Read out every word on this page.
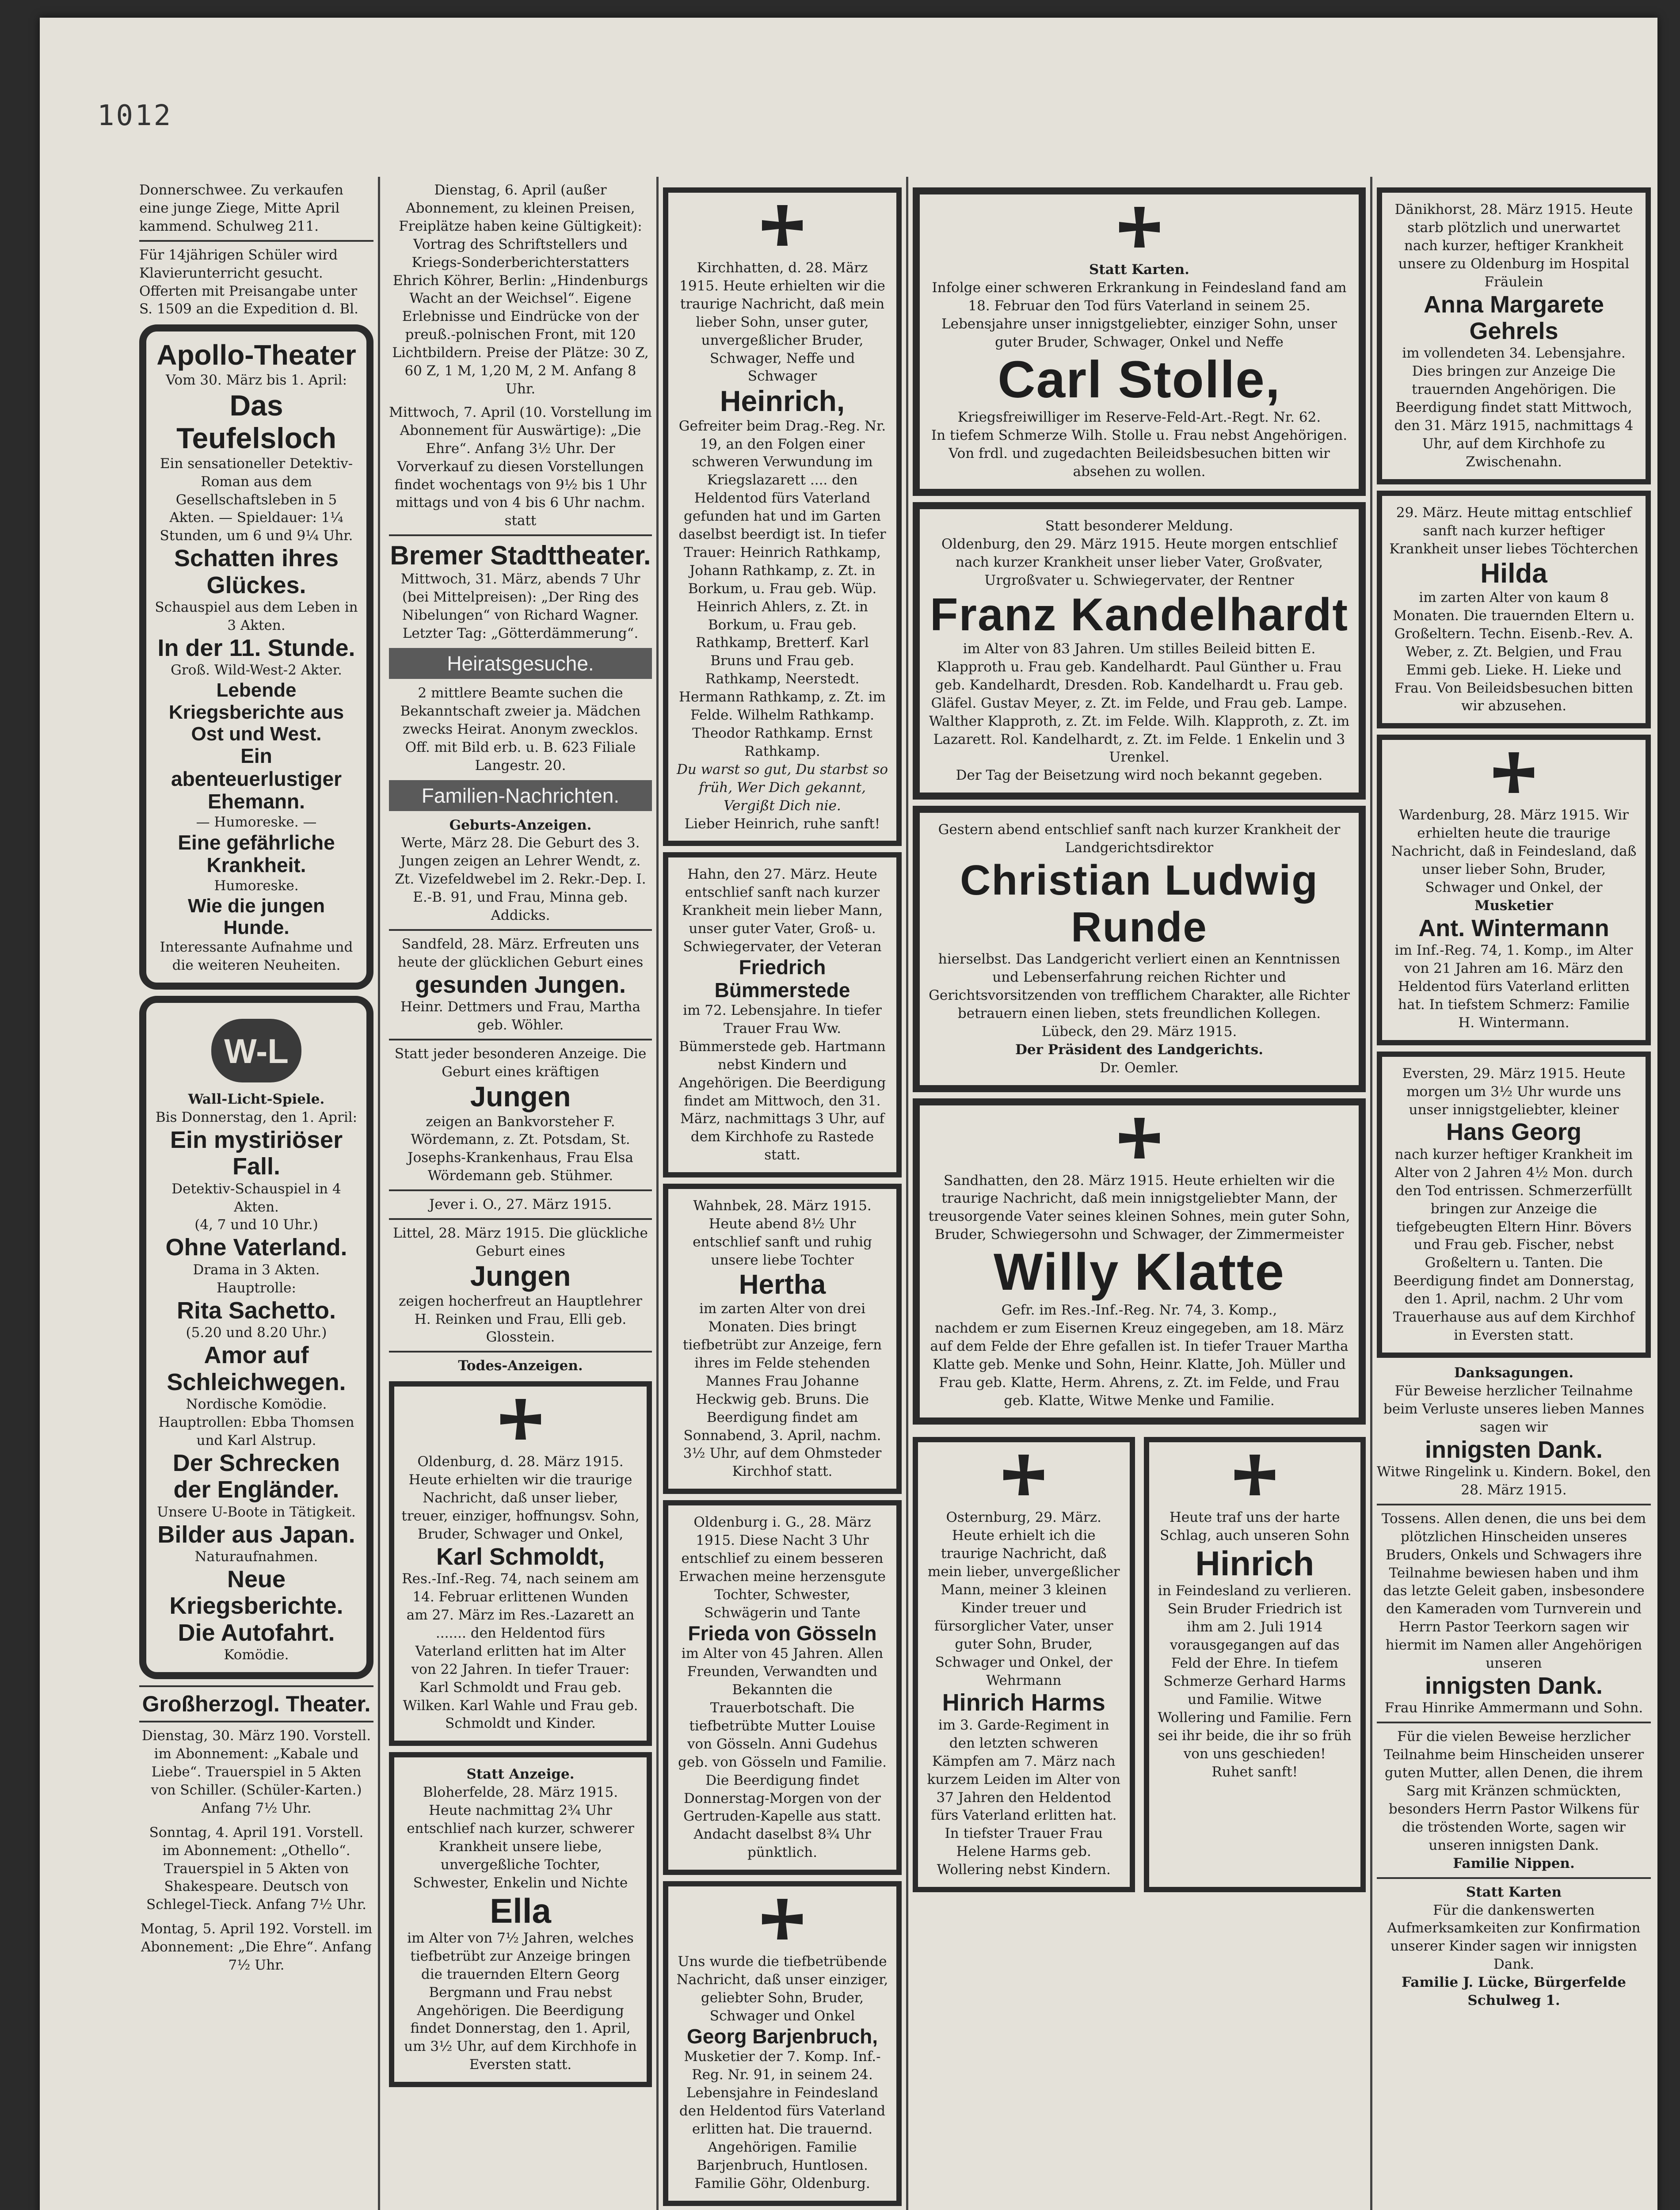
1012

Donnerschwee. Zu verkaufen eine junge Ziege, Mitte April kammend. Schulweg 211.

Für 14jährigen Schüler wird Klavierunterricht gesucht. Offerten mit Preisangabe unter S. 1509 an die Expedition d. Bl.

Apollo-Theater

Vom 30. März bis 1. April:

Das Teufelsloch

Ein sensationeller Detektiv-Roman aus dem Gesellschaftsleben in 5 Akten. — Spieldauer: 1¼ Stunden, um 6 und 9¼ Uhr.

Schatten ihres Glückes.

Schauspiel aus dem Leben in 3 Akten.

In der 11. Stunde.

Groß. Wild-West-2 Akter.

Lebende Kriegsberichte aus Ost und West.

Ein abenteuerlustiger Ehemann.

— Humoreske. —

Eine gefährliche Krankheit.

Humoreske.

Wie die jungen Hunde.

Interessante Aufnahme und die weiteren Neuheiten.

W-L

Wall-Licht-Spiele.

Bis Donnerstag, den 1. April:

Ein mystiriöser Fall.

Detektiv-Schauspiel in 4 Akten.

(4, 7 und 10 Uhr.)

Ohne Vaterland.

Drama in 3 Akten. Hauptrolle:

Rita Sachetto.

(5.20 und 8.20 Uhr.)

Amor auf Schleichwegen.

Nordische Komödie. Hauptrollen: Ebba Thomsen und Karl Alstrup.

Der Schrecken der Engländer.

Unsere U-Boote in Tätigkeit.

Bilder aus Japan.

Naturaufnahmen.

Neue Kriegsberichte.

Die Autofahrt.

Komödie.

Großherzogl. Theater.

Dienstag, 30. März 190. Vorstell. im Abonnement: „Kabale und Liebe“. Trauerspiel in 5 Akten von Schiller. (Schüler-Karten.) Anfang 7½ Uhr.

Sonntag, 4. April 191. Vorstell. im Abonnement: „Othello“. Trauerspiel in 5 Akten von Shakespeare. Deutsch von Schlegel-Tieck. Anfang 7½ Uhr.

Montag, 5. April 192. Vorstell. im Abonnement: „Die Ehre“. Anfang 7½ Uhr.

Dienstag, 6. April (außer Abonnement, zu kleinen Preisen, Freiplätze haben keine Gültigkeit): Vortrag des Schriftstellers und Kriegs-Sonderberichterstatters Ehrich Köhrer, Berlin: „Hindenburgs Wacht an der Weichsel“. Eigene Erlebnisse und Eindrücke von der preuß.-polnischen Front, mit 120 Lichtbildern. Preise der Plätze: 30 Z, 60 Z, 1 M, 1,20 M, 2 M. Anfang 8 Uhr.

Mittwoch, 7. April (10. Vorstellung im Abonnement für Auswärtige): „Die Ehre“. Anfang 3½ Uhr. Der Vorverkauf zu diesen Vorstellungen findet wochentags von 9½ bis 1 Uhr mittags und von 4 bis 6 Uhr nachm. statt

Bremer Stadttheater.

Mittwoch, 31. März, abends 7 Uhr (bei Mittelpreisen): „Der Ring des Nibelungen“ von Richard Wagner. Letzter Tag: „Götterdämmerung“.

Heiratsgesuche.

2 mittlere Beamte suchen die Bekanntschaft zweier ja. Mädchen zwecks Heirat. Anonym zwecklos. Off. mit Bild erb. u. B. 623 Filiale Langestr. 20.

Familien-Nachrichten.

Geburts-Anzeigen.

Werte, März 28. Die Geburt des 3. Jungen zeigen an Lehrer Wendt, z. Zt. Vizefeldwebel im 2. Rekr.-Dep. I. E.-B. 91, und Frau, Minna geb. Addicks.

Sandfeld, 28. März. Erfreuten uns heute der glücklichen Geburt eines

gesunden Jungen.

Heinr. Dettmers und Frau, Martha geb. Wöhler.

Statt jeder besonderen Anzeige. Die Geburt eines kräftigen

Jungen

zeigen an Bankvorsteher F. Wördemann, z. Zt. Potsdam, St. Josephs-Krankenhaus, Frau Elsa Wördemann geb. Stühmer.

Jever i. O., 27. März 1915.

Littel, 28. März 1915. Die glückliche Geburt eines

Jungen

zeigen hocherfreut an Hauptlehrer H. Reinken und Frau, Elli geb. Glosstein.

Todes-Anzeigen.

Oldenburg, d. 28. März 1915. Heute erhielten wir die traurige Nachricht, daß unser lieber, treuer, einziger, hoffnungsv. Sohn, Bruder, Schwager und Onkel,

Karl Schmoldt,

Res.-Inf.-Reg. 74, nach seinem am 14. Februar erlittenen Wunden am 27. März im Res.-Lazarett an ....... den Heldentod fürs Vaterland erlitten hat im Alter von 22 Jahren. In tiefer Trauer: Karl Schmoldt und Frau geb. Wilken. Karl Wahle und Frau geb. Schmoldt und Kinder.

Statt Anzeige.

Bloherfelde, 28. März 1915. Heute nachmittag 2¾ Uhr entschlief nach kurzer, schwerer Krankheit unsere liebe, unvergeßliche Tochter, Schwester, Enkelin und Nichte

Ella

im Alter von 7½ Jahren, welches tiefbetrübt zur Anzeige bringen die trauernden Eltern Georg Bergmann und Frau nebst Angehörigen. Die Beerdigung findet Donnerstag, den 1. April, um 3½ Uhr, auf dem Kirchhofe in Eversten statt.

Kirchhatten, d. 28. März 1915. Heute erhielten wir die traurige Nachricht, daß mein lieber Sohn, unser guter, unvergeßlicher Bruder, Schwager, Neffe und Schwager

Heinrich,

Gefreiter beim Drag.-Reg. Nr. 19, an den Folgen einer schweren Verwundung im Kriegslazarett .... den Heldentod fürs Vaterland gefunden hat und im Garten daselbst beerdigt ist. In tiefer Trauer: Heinrich Rathkamp, Johann Rathkamp, z. Zt. in Borkum, u. Frau geb. Wüp. Heinrich Ahlers, z. Zt. in Borkum, u. Frau geb. Rathkamp, Bretterf. Karl Bruns und Frau geb. Rathkamp, Neerstedt. Hermann Rathkamp, z. Zt. im Felde. Wilhelm Rathkamp. Theodor Rathkamp. Ernst Rathkamp.

Du warst so gut, Du starbst so früh, Wer Dich gekannt, Vergißt Dich nie.

Lieber Heinrich, ruhe sanft!

Hahn, den 27. März. Heute entschlief sanft nach kurzer Krankheit mein lieber Mann, unser guter Vater, Groß- u. Schwiegervater, der Veteran

Friedrich Bümmerstede

im 72. Lebensjahre. In tiefer Trauer Frau Ww. Bümmerstede geb. Hartmann nebst Kindern und Angehörigen. Die Beerdigung findet am Mittwoch, den 31. März, nachmittags 3 Uhr, auf dem Kirchhofe zu Rastede statt.

Wahnbek, 28. März 1915. Heute abend 8½ Uhr entschlief sanft und ruhig unsere liebe Tochter

Hertha

im zarten Alter von drei Monaten. Dies bringt tiefbetrübt zur Anzeige, fern ihres im Felde stehenden Mannes Frau Johanne Heckwig geb. Bruns. Die Beerdigung findet am Sonnabend, 3. April, nachm. 3½ Uhr, auf dem Ohmsteder Kirchhof statt.

Oldenburg i. G., 28. März 1915. Diese Nacht 3 Uhr entschlief zu einem besseren Erwachen meine herzensgute Tochter, Schwester, Schwägerin und Tante

Frieda von Gösseln

im Alter von 45 Jahren. Allen Freunden, Verwandten und Bekannten die Trauerbotschaft. Die tiefbetrübte Mutter Louise von Gösseln. Anni Gudehus geb. von Gösseln und Familie. Die Beerdigung findet Donnerstag-Morgen von der Gertruden-Kapelle aus statt. Andacht daselbst 8¾ Uhr pünktlich.

Uns wurde die tiefbetrübende Nachricht, daß unser einziger, geliebter Sohn, Bruder, Schwager und Onkel

Georg Barjenbruch,

Musketier der 7. Komp. Inf.-Reg. Nr. 91, in seinem 24. Lebensjahre in Feindesland den Heldentod fürs Vaterland erlitten hat. Die trauernd. Angehörigen. Familie Barjenbruch, Huntlosen. Familie Göhr, Oldenburg.

Statt Karten.

Infolge einer schweren Erkrankung in Feindesland fand am 18. Februar den Tod fürs Vaterland in seinem 25. Lebensjahre unser innigstgeliebter, einziger Sohn, unser guter Bruder, Schwager, Onkel und Neffe

Carl Stolle,

Kriegsfreiwilliger im Reserve-Feld-Art.-Regt. Nr. 62.

In tiefem Schmerze Wilh. Stolle u. Frau nebst Angehörigen.

Von frdl. und zugedachten Beileidsbesuchen bitten wir absehen zu wollen.

Statt besonderer Meldung.

Oldenburg, den 29. März 1915. Heute morgen entschlief nach kurzer Krankheit unser lieber Vater, Großvater, Urgroßvater u. Schwiegervater, der Rentner

Franz Kandelhardt

im Alter von 83 Jahren. Um stilles Beileid bitten E. Klapproth u. Frau geb. Kandelhardt. Paul Günther u. Frau geb. Kandelhardt, Dresden. Rob. Kandelhardt u. Frau geb. Gläfel. Gustav Meyer, z. Zt. im Felde, und Frau geb. Lampe. Walther Klapproth, z. Zt. im Felde. Wilh. Klapproth, z. Zt. im Lazarett. Rol. Kandelhardt, z. Zt. im Felde. 1 Enkelin und 3 Urenkel.

Der Tag der Beisetzung wird noch bekannt gegeben.

Gestern abend entschlief sanft nach kurzer Krankheit der Landgerichtsdirektor

Christian Ludwig Runde

hierselbst. Das Landgericht verliert einen an Kenntnissen und Lebenserfahrung reichen Richter und Gerichtsvorsitzenden von trefflichem Charakter, alle Richter betrauern einen lieben, stets freundlichen Kollegen.

Lübeck, den 29. März 1915.

Der Präsident des Landgerichts.

Dr. Oemler.

Sandhatten, den 28. März 1915. Heute erhielten wir die traurige Nachricht, daß mein innigstgeliebter Mann, der treusorgende Vater seines kleinen Sohnes, mein guter Sohn, Bruder, Schwiegersohn und Schwager, der Zimmermeister

Willy Klatte

Gefr. im Res.-Inf.-Reg. Nr. 74, 3. Komp.,

nachdem er zum Eisernen Kreuz eingegeben, am 18. März auf dem Felde der Ehre gefallen ist. In tiefer Trauer Martha Klatte geb. Menke und Sohn, Heinr. Klatte, Joh. Müller und Frau geb. Klatte, Herm. Ahrens, z. Zt. im Felde, und Frau geb. Klatte, Witwe Menke und Familie.

Osternburg, 29. März. Heute erhielt ich die traurige Nachricht, daß mein lieber, unvergeßlicher Mann, meiner 3 kleinen Kinder treuer und fürsorglicher Vater, unser guter Sohn, Bruder, Schwager und Onkel, der Wehrmann

Hinrich Harms

im 3. Garde-Regiment in den letzten schweren Kämpfen am 7. März nach kurzem Leiden im Alter von 37 Jahren den Heldentod fürs Vaterland erlitten hat. In tiefster Trauer Frau Helene Harms geb. Wollering nebst Kindern.

Heute traf uns der harte Schlag, auch unseren Sohn

Hinrich

in Feindesland zu verlieren. Sein Bruder Friedrich ist ihm am 2. Juli 1914 vorausgegangen auf das Feld der Ehre. In tiefem Schmerze Gerhard Harms und Familie. Witwe Wollering und Familie. Fern sei ihr beide, die ihr so früh von uns geschieden!

Ruhet sanft!

Dänikhorst, 28. März 1915. Heute starb plötzlich und unerwartet nach kurzer, heftiger Krankheit unsere zu Oldenburg im Hospital Fräulein

Anna Margarete Gehrels

im vollendeten 34. Lebensjahre. Dies bringen zur Anzeige Die trauernden Angehörigen. Die Beerdigung findet statt Mittwoch, den 31. März 1915, nachmittags 4 Uhr, auf dem Kirchhofe zu Zwischenahn.

29. März. Heute mittag entschlief sanft nach kurzer heftiger Krankheit unser liebes Töchterchen

Hilda

im zarten Alter von kaum 8 Monaten. Die trauernden Eltern u. Großeltern. Techn. Eisenb.-Rev. A. Weber, z. Zt. Belgien, und Frau Emmi geb. Lieke. H. Lieke und Frau. Von Beileidsbesuchen bitten wir abzusehen.

Wardenburg, 28. März 1915. Wir erhielten heute die traurige Nachricht, daß in Feindesland, daß unser lieber Sohn, Bruder, Schwager und Onkel, der

Musketier

Ant. Wintermann

im Inf.-Reg. 74, 1. Komp., im Alter von 21 Jahren am 16. März den Heldentod fürs Vaterland erlitten hat. In tiefstem Schmerz: Familie H. Wintermann.

Eversten, 29. März 1915. Heute morgen um 3½ Uhr wurde uns unser innigstgeliebter, kleiner

Hans Georg

nach kurzer heftiger Krankheit im Alter von 2 Jahren 4½ Mon. durch den Tod entrissen. Schmerzerfüllt bringen zur Anzeige die tiefgebeugten Eltern Hinr. Bövers und Frau geb. Fischer, nebst Großeltern u. Tanten. Die Beerdigung findet am Donnerstag, den 1. April, nachm. 2 Uhr vom Trauerhause aus auf dem Kirchhof in Eversten statt.

Danksagungen.

Für Beweise herzlicher Teilnahme beim Verluste unseres lieben Mannes sagen wir

innigsten Dank.

Witwe Ringelink u. Kindern. Bokel, den 28. März 1915.

Tossens. Allen denen, die uns bei dem plötzlichen Hinscheiden unseres Bruders, Onkels und Schwagers ihre Teilnahme bewiesen haben und ihm das letzte Geleit gaben, insbesondere den Kameraden vom Turnverein und Herrn Pastor Teerkorn sagen wir hiermit im Namen aller Angehörigen unseren

innigsten Dank.

Frau Hinrike Ammermann und Sohn.

Für die vielen Beweise herzlicher Teilnahme beim Hinscheiden unserer guten Mutter, allen Denen, die ihrem Sarg mit Kränzen schmückten, besonders Herrn Pastor Wilkens für die tröstenden Worte, sagen wir unseren innigsten Dank.

Familie Nippen.

Statt Karten

Für die dankenswerten Aufmerksamkeiten zur Konfirmation unserer Kinder sagen wir innigsten Dank.

Familie J. Lücke, Bürgerfelde Schulweg 1.
